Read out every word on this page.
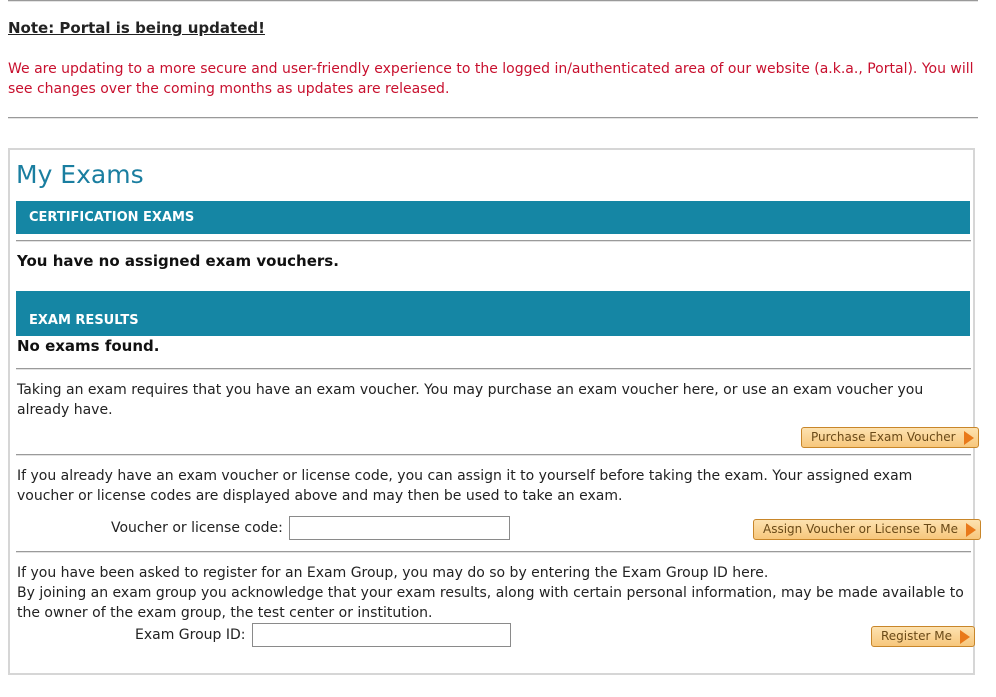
Note: Portal is being updated!
We are updating to a more secure and user-friendly experience to the logged in/authenticated area of our website (a.k.a., Portal). You will see changes over the coming months as updates are released.
My Exams
CERTIFICATION EXAMS
You have no assigned exam vouchers.
EXAM RESULTS
No exams found.
Taking an exam requires that you have an exam voucher. You may purchase an exam voucher here, or use an exam voucher you already have.
Purchase Exam Voucher
If you already have an exam voucher or license code, you can assign it to yourself before taking the exam. Your assigned exam voucher or license codes are displayed above and may then be used to take an exam.
Voucher or license code:	Assign Voucher or License To Me
If you have been asked to register for an Exam Group, you may do so by entering the Exam Group ID here.
By joining an exam group you acknowledge that your exam results, along with certain personal information, may be made available to the owner of the exam group, the test center or institution.
Exam Group ID:	Register Me
